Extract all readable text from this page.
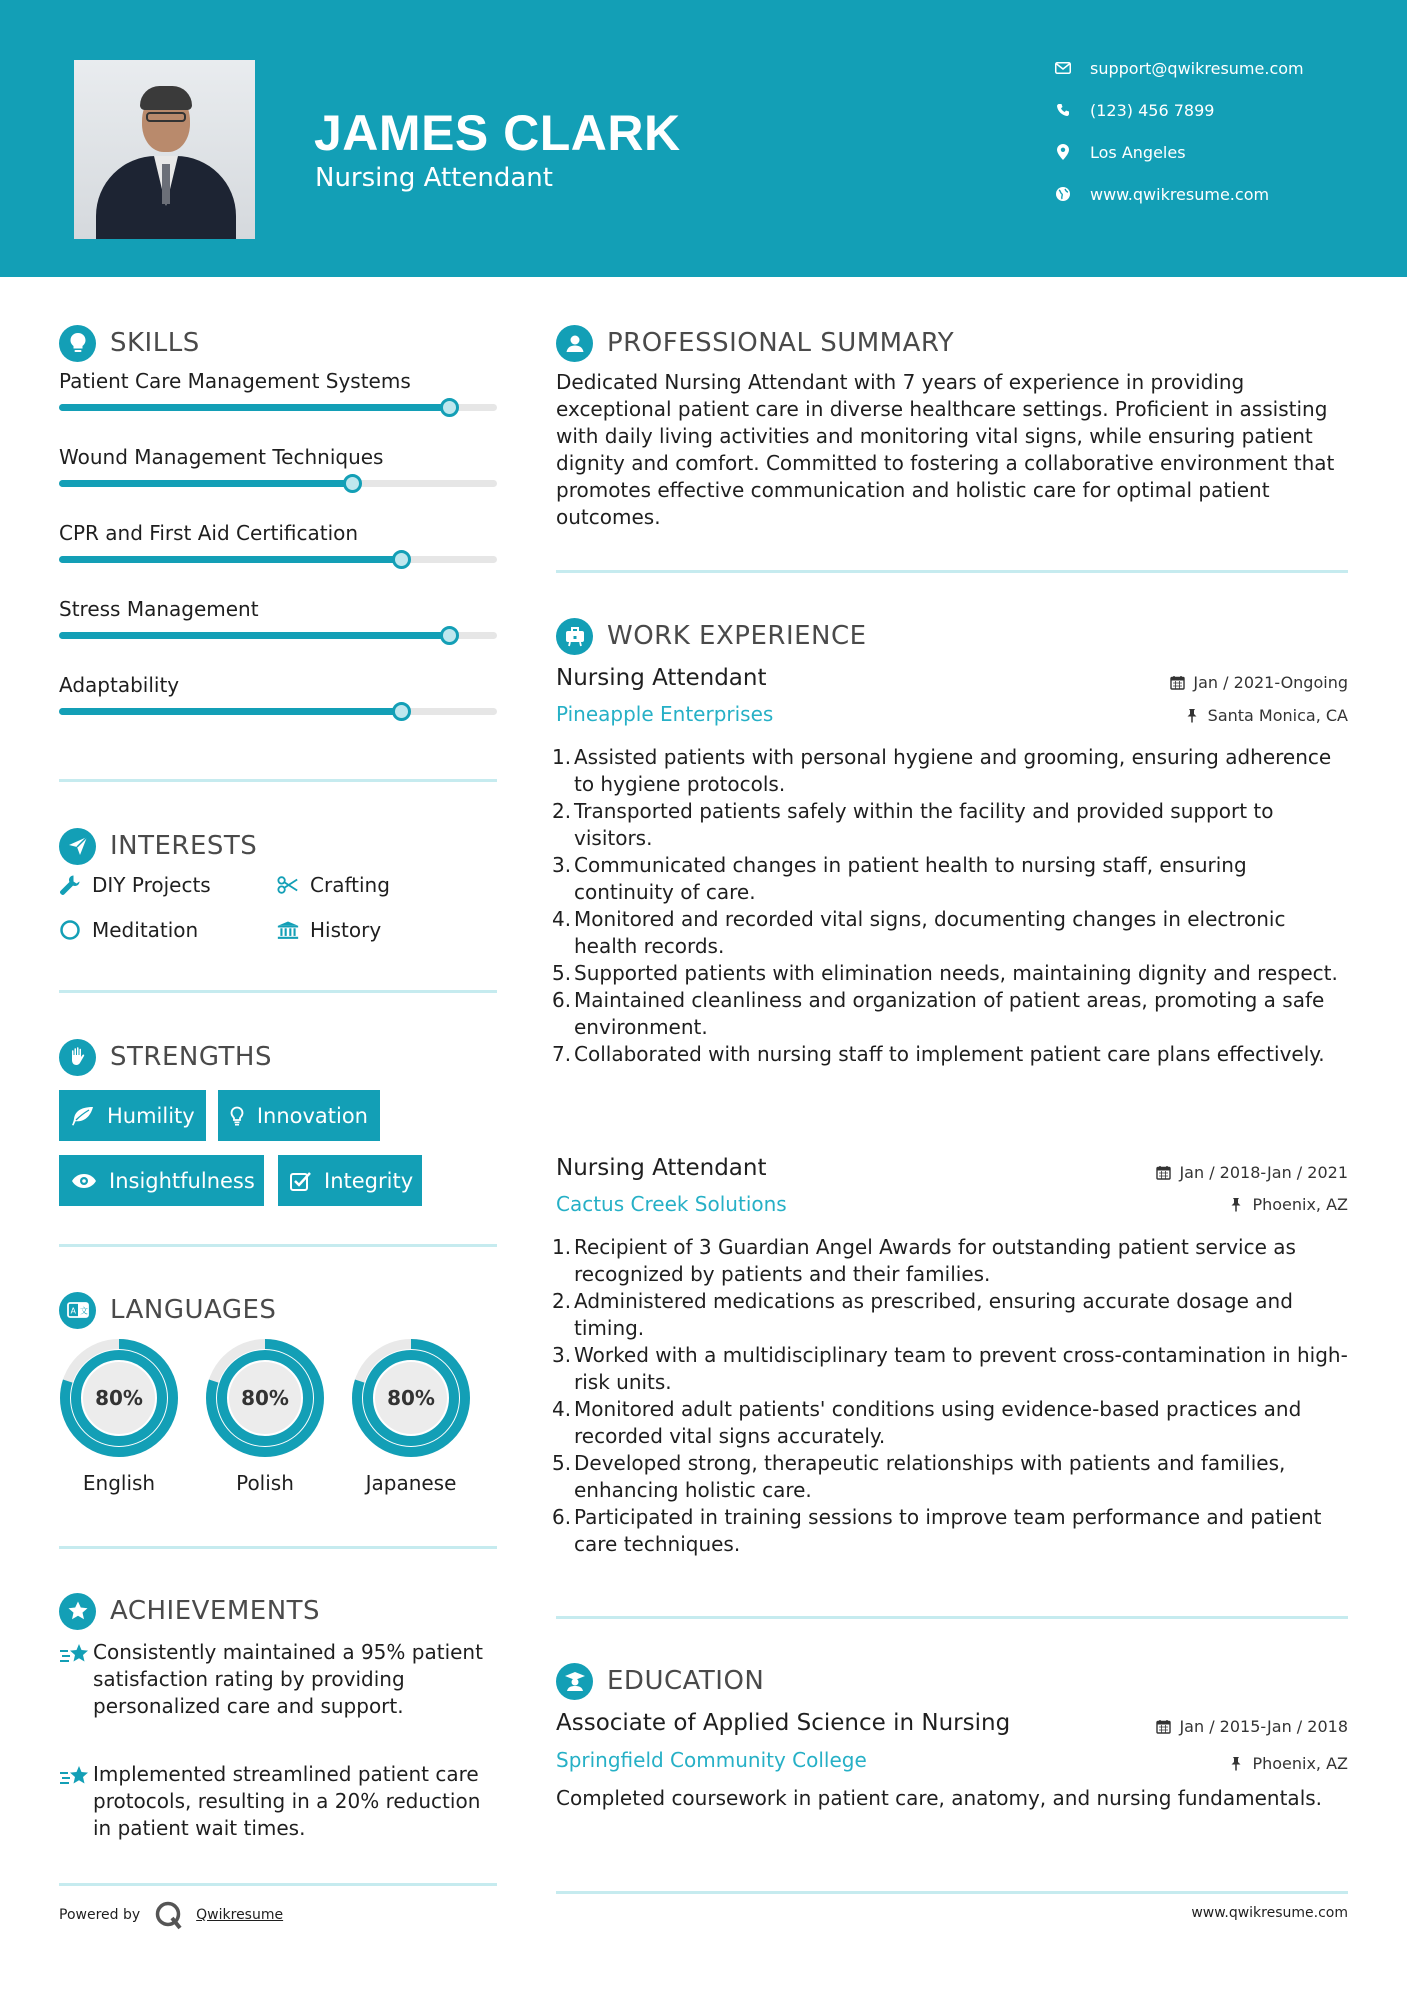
JAMES CLARK
Nursing Attendant
support@qwikresume.com
(123) 456 7899
Los Angeles
www.qwikresume.com
SKILLS
Patient Care Management Systems
Wound Management Techniques
CPR and First Aid Certification
Stress Management
Adaptability
INTERESTS
DIY Projects	Crafting
Meditation	History
STRENGTHS
Humility	Innovation
Insightfulness	Integrity
A 文 LANGUAGES
80%
English
80%
Polish
80%
Japanese
ACHIEVEMENTS
Consistently maintained a 95% patient satisfaction rating by providing personalized care and support.
Implemented streamlined patient care protocols, resulting in a 20% reduction in patient wait times.
PROFESSIONAL SUMMARY

Dedicated Nursing Attendant with 7 years of experience in providing exceptional patient care in diverse healthcare settings. Proficient in assisting with daily living activities and monitoring vital signs, while ensuring patient dignity and comfort. Committed to fostering a collaborative environment that promotes effective communication and holistic care for optimal patient outcomes.

WORK EXPERIENCE
Nursing Attendant	Jan / 2021-Ongoing
Pineapple Enterprises	Santa Monica, CA
1. Assisted patients with personal hygiene and grooming, ensuring adherence to hygiene protocols.
2. Transported patients safely within the facility and provided support to visitors.
3. Communicated changes in patient health to nursing staff, ensuring continuity of care.
4. Monitored and recorded vital signs, documenting changes in electronic health records.
5. Supported patients with elimination needs, maintaining dignity and respect.
6. Maintained cleanliness and organization of patient areas, promoting a safe environment.
7. Collaborated with nursing staff to implement patient care plans effectively.
Nursing Attendant	Jan / 2018-Jan / 2021
Cactus Creek Solutions	Phoenix, AZ
1. Recipient of 3 Guardian Angel Awards for outstanding patient service as recognized by patients and their families.
2. Administered medications as prescribed, ensuring accurate dosage and timing.
3. Worked with a multidisciplinary team to prevent cross-contamination in high-risk units.
4. Monitored adult patients' conditions using evidence-based practices and recorded vital signs accurately.
5. Developed strong, therapeutic relationships with patients and families, enhancing holistic care.
6. Participated in training sessions to improve team performance and patient care techniques.
EDUCATION
Associate of Applied Science in Nursing	Jan / 2015-Jan / 2018
Springfield Community College	Phoenix, AZ

Completed coursework in patient care, anatomy, and nursing fundamentals.

Powered by	Qwikresume	www.qwikresume.com
